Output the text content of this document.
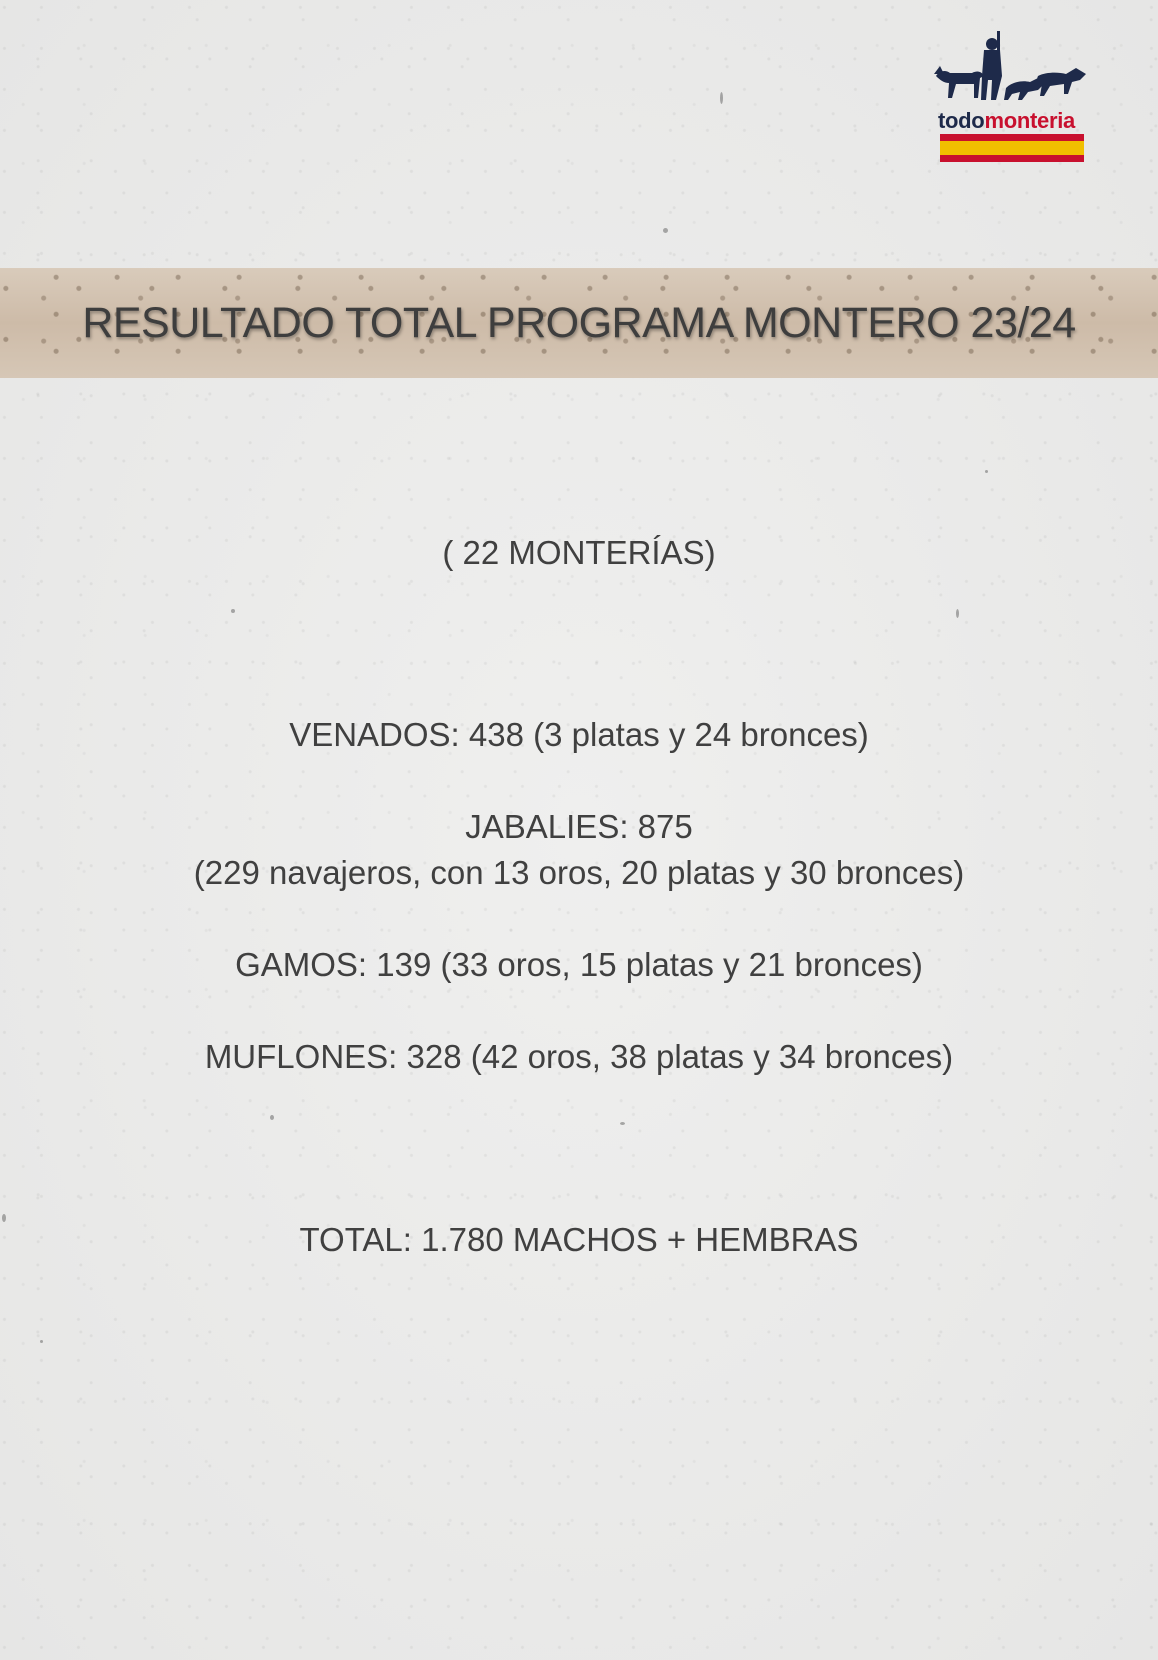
todomonteria
RESULTADO TOTAL PROGRAMA MONTERO 23/24
( 22 MONTERÍAS)
VENADOS: 438 (3 platas y 24 bronces)
JABALIES: 875
(229 navajeros, con 13 oros, 20 platas y 30 bronces)
GAMOS: 139 (33 oros, 15 platas y 21 bronces)
MUFLONES: 328 (42 oros, 38 platas y 34 bronces)
TOTAL: 1.780 MACHOS + HEMBRAS
